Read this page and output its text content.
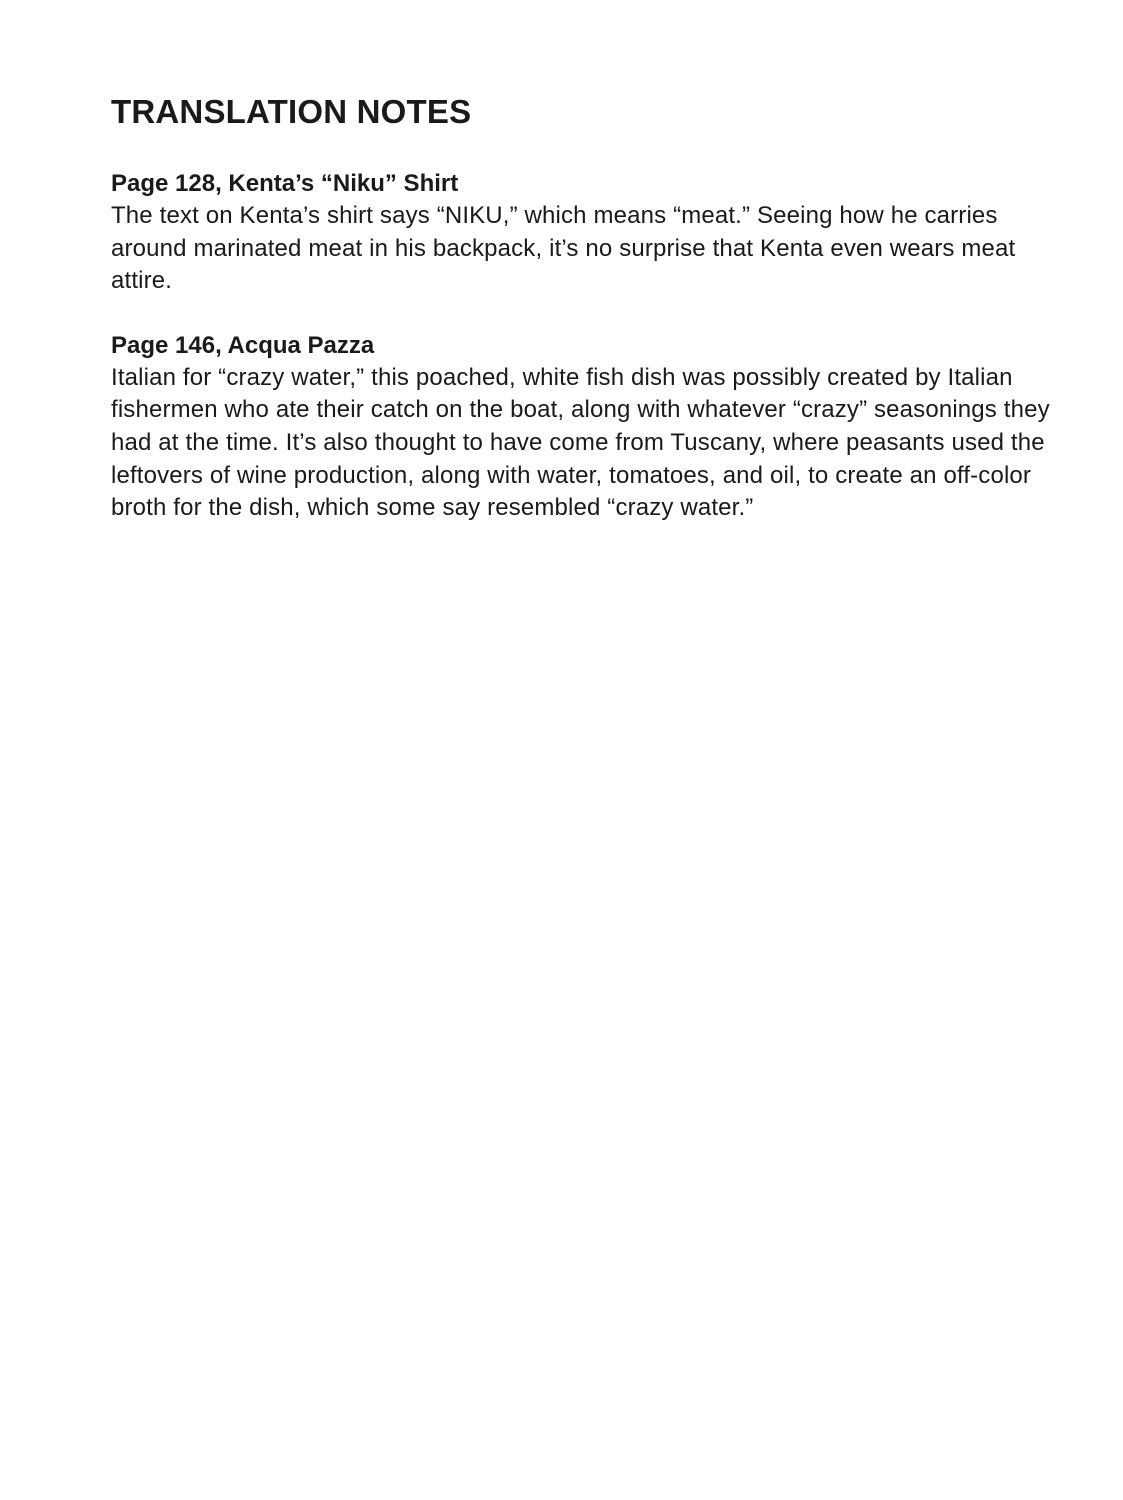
TRANSLATION NOTES

Page 128, Kenta’s “Niku” Shirt

The text on Kenta’s shirt says “NIKU,” which means “meat.” Seeing how he carries around marinated meat in his backpack, it’s no surprise that Kenta even wears meat attire.

Page 146, Acqua Pazza

Italian for “crazy water,” this poached, white fish dish was possibly created by Italian fishermen who ate their catch on the boat, along with whatever “crazy” seasonings they had at the time. It’s also thought to have come from Tuscany, where peasants used the leftovers of wine production, along with water, tomatoes, and oil, to create an off-color broth for the dish, which some say resembled “crazy water.”
